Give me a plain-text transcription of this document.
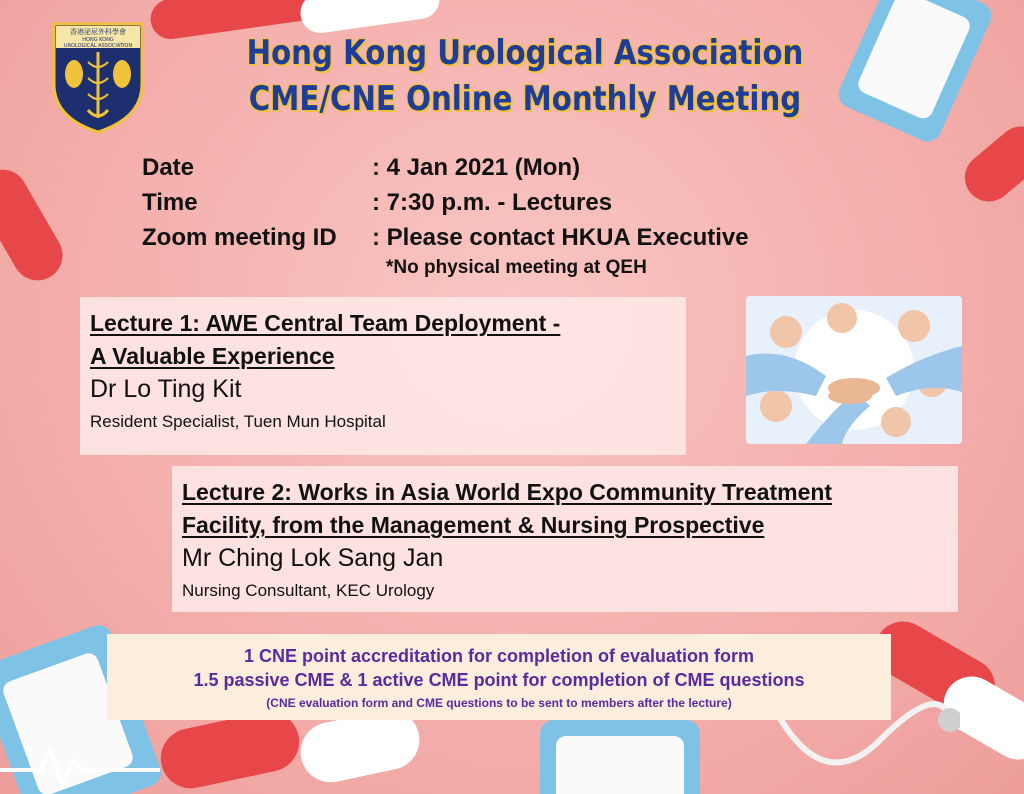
香港泌尿外科學會
HONG KONG
UROLOGICAL ASSOCIATION	Hong Kong Urological Association
CME/CNE Online Monthly Meeting
Date	: 4 Jan 2021 (Mon)
Time	: 7:30 p.m. - Lectures
Zoom meeting ID	: Please contact HKUA Executive
*No physical meeting at QEH
Lecture 1: AWE Central Team Deployment -
A Valuable Experience
Dr Lo Ting Kit
Resident Specialist, Tuen Mun Hospital
Lecture 2: Works in Asia World Expo Community Treatment
Facility, from the Management & Nursing Prospective
Mr Ching Lok Sang Jan
Nursing Consultant, KEC Urology
1 CNE point accreditation for completion of evaluation form
1.5 passive CME & 1 active CME point for completion of CME questions
(CNE evaluation form and CME questions to be sent to members after the lecture)
